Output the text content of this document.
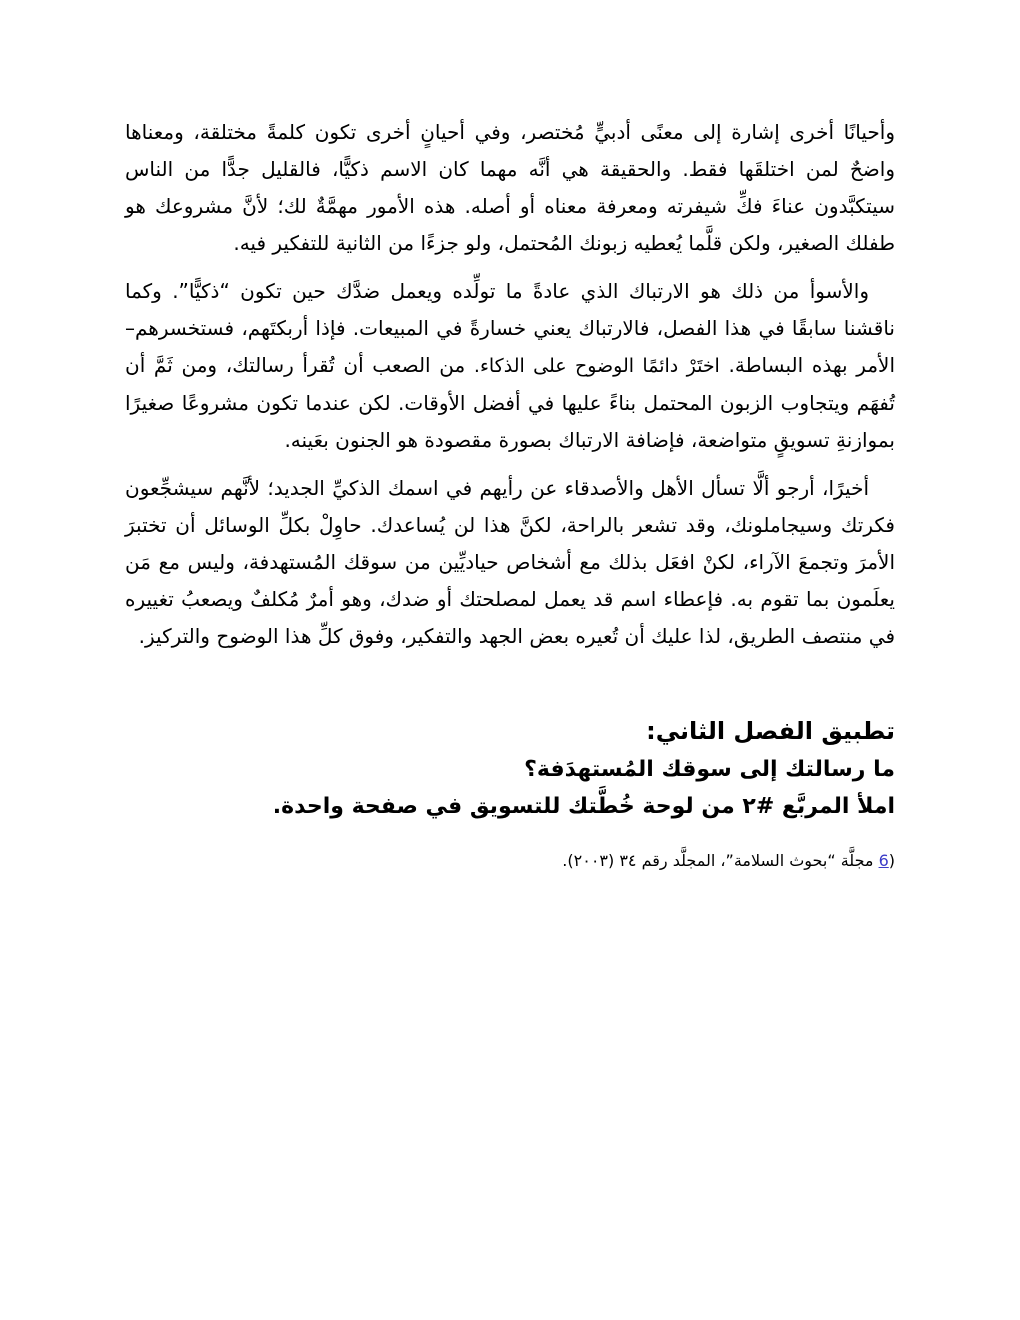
وأحيانًا أخرى إشارة إلى معنًى أدبيٍّ مُختصر، وفي أحيانٍ أخرى تكون كلمةً مختلقة، ومعناها واضحٌ لمن اختلقَها فقط. والحقيقة هي أنَّه مهما كان الاسم ذكيًّا، فالقليل جدًّا من الناس سيتكبَّدون عناءَ فكِّ شيفرته ومعرفة معناه أو أصله. هذه الأمور مهمَّةٌ لك؛ لأنَّ مشروعك هو طفلك الصغير، ولكن قلَّما يُعطيه زبونك المُحتمل، ولو جزءًا من الثانية للتفكير فيه.

والأسوأ من ذلك هو الارتباك الذي عادةً ما تولِّده ويعمل ضدَّك حين تكون “ذكيًّا”. وكما ناقشنا سابقًا في هذا الفصل، فالارتباك يعني خسارةً في المبيعات. فإذا أربكتَهم، فستخسرهم– الأمر بهذه البساطة. اختَرْ دائمًا الوضوح على الذكاء. من الصعب أن تُقرأ رسالتك، ومن ثَمَّ أن تُفهَم ويتجاوب الزبون المحتمل بناءً عليها في أفضل الأوقات. لكن عندما تكون مشروعًا صغيرًا بموازنةِ تسويقٍ متواضعة، فإضافة الارتباك بصورة مقصودة هو الجنون بعَينه.

أخيرًا، أرجو ألَّا تسأل الأهل والأصدقاء عن رأيهم في اسمك الذكيِّ الجديد؛ لأنَّهم سيشجِّعون فكرتك وسيجاملونك، وقد تشعر بالراحة، لكنَّ هذا لن يُساعدك. حاوِلْ بكلِّ الوسائل أن تختبرَ الأمرَ وتجمعَ الآراء، لكنْ افعَل بذلك مع أشخاص حياديِّين من سوقك المُستهدفة، وليس مع مَن يعلَمون بما تقوم به. فإعطاء اسم قد يعمل لمصلحتك أو ضدك، وهو أمرٌ مُكلفٌ ويصعبُ تغييره في منتصف الطريق، لذا عليك أن تُعيره بعض الجهد والتفكير، وفوق كلِّ هذا الوضوح والتركيز.

تطبيق الفصل الثاني:
ما رسالتك إلى سوقك المُستهدَفة؟
املأ المربَّع #٢ من لوحة خُطَّتك للتسويق في صفحة واحدة.
6) مجلَّة “بحوث السلامة”، المجلَّد رقم ٣٤ (٢٠٠٣).
